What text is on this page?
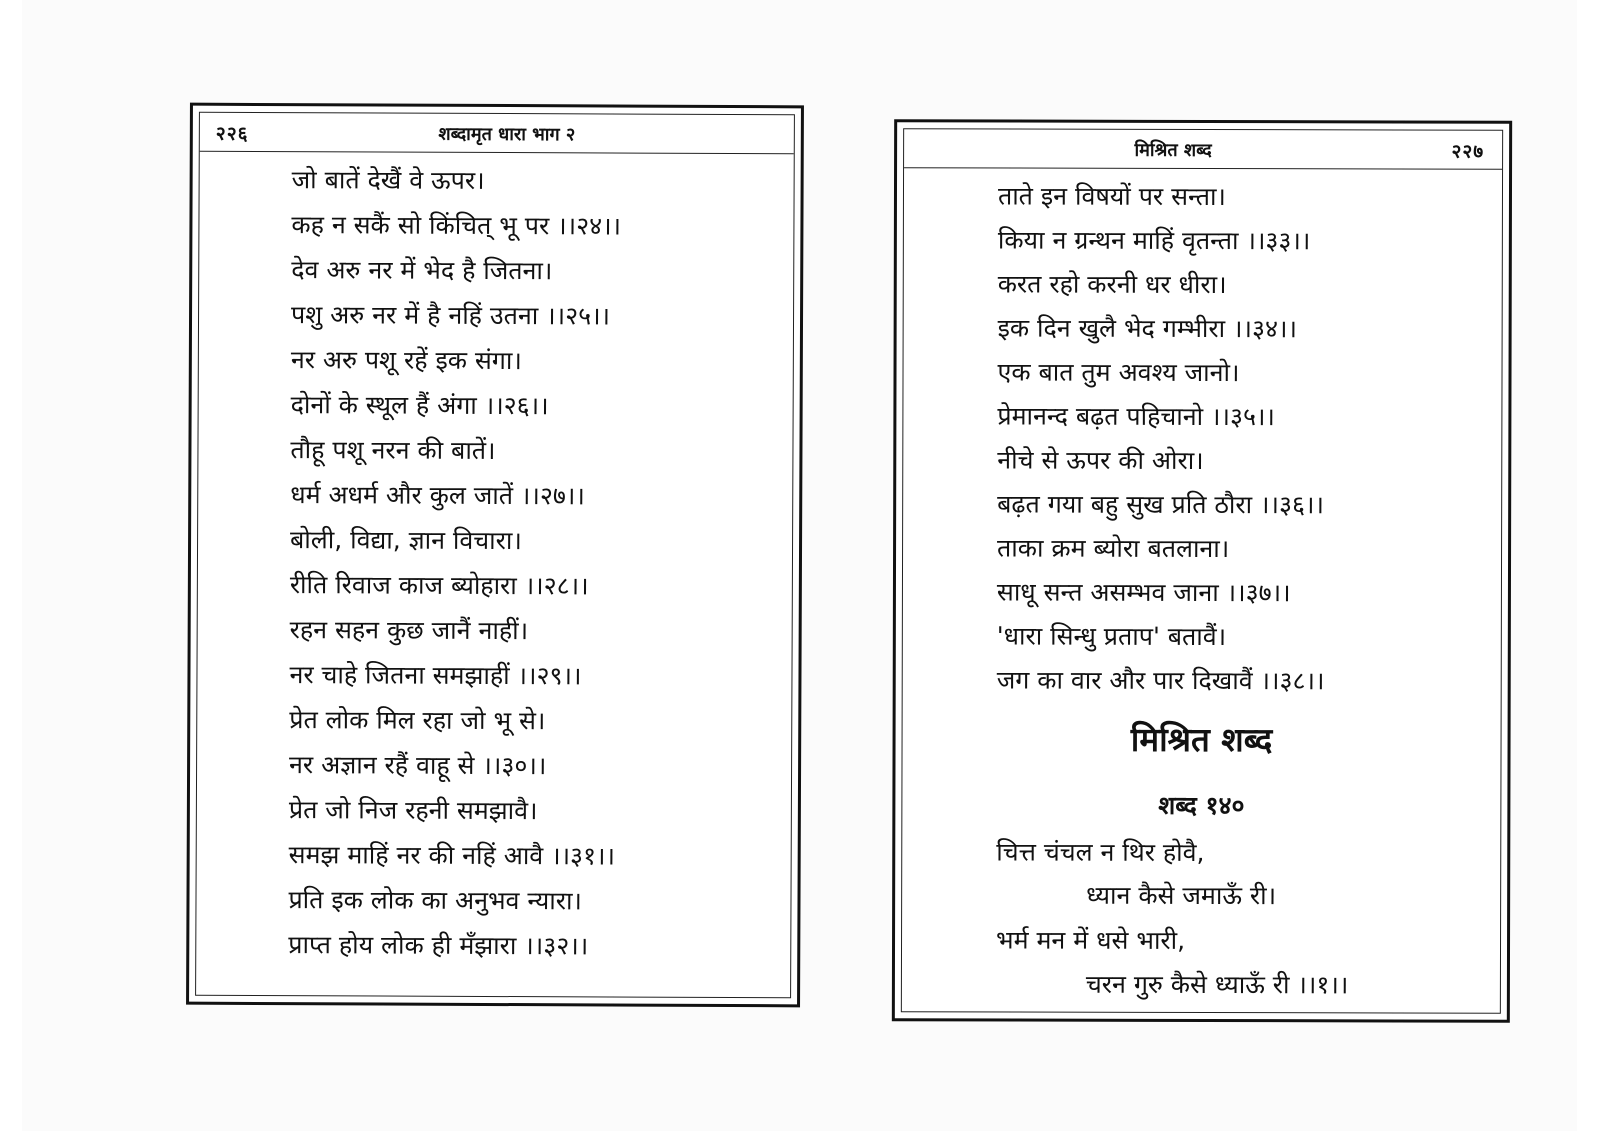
२२६	शब्दामृत धारा भाग २
जो बातें देखैं वे ऊपर।
कह न सकैं सो किंचित् भू पर ।।२४।।
देव अरु नर में भेद है जितना।
पशु अरु नर में है नहिं उतना ।।२५।।
नर अरु पशू रहें इक संगा।
दोनों के स्थूल हैं अंगा ।।२६।।
तौहू पशू नरन की बातें।
धर्म अधर्म और कुल जातें ।।२७।।
बोली, विद्या, ज्ञान विचारा।
रीति रिवाज काज ब्योहारा ।।२८।।
रहन सहन कुछ जानैं नाहीं।
नर चाहे जितना समझाहीं ।।२९।।
प्रेत लोक मिल रहा जो भू से।
नर अज्ञान रहैं वाहू से ।।३०।।
प्रेत जो निज रहनी समझावै।
समझ माहिं नर की नहिं आवै ।।३१।।
प्रति इक लोक का अनुभव न्यारा।
प्राप्त होय लोक ही मँझारा ।।३२।।
मिश्रित शब्द	२२७
ताते इन विषयों पर सन्ता।
किया न ग्रन्थन माहिं वृतन्ता ।।३३।।
करत रहो करनी धर धीरा।
इक दिन खुलै भेद गम्भीरा ।।३४।।
एक बात तुम अवश्य जानो।
प्रेमानन्द बढ़त पहिचानो ।।३५।।
नीचे से ऊपर की ओरा।
बढ़त गया बहु सुख प्रति ठौरा ।।३६।।
ताका क्रम ब्योरा बतलाना।
साधू सन्त असम्भव जाना ।।३७।।
'धारा सिन्धु प्रताप' बतावैं।
जग का वार और पार दिखावैं ।।३८।।
मिश्रित शब्द
शब्द १४०
चित्त चंचल न थिर होवै,
ध्यान कैसे जमाऊँ री।
भर्म मन में धसे भारी,
चरन गुरु कैसे ध्याऊँ री ।।१।।
